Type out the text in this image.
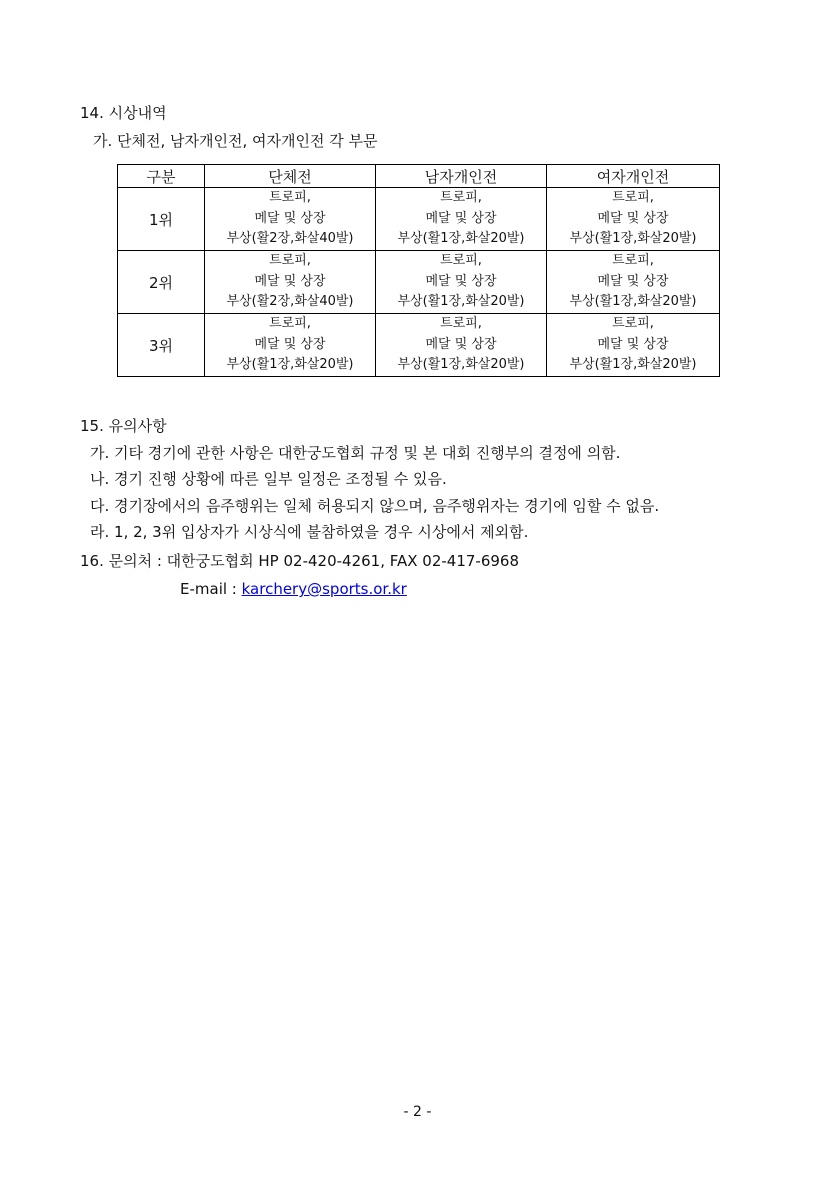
14. 시상내역
가. 단체전, 남자개인전, 여자개인전 각 부문
구분	단체전	남자개인전	여자개인전
1위	트로피,
메달 및 상장
부상(활2장,화살40발)	트로피,
메달 및 상장
부상(활1장,화살20발)	트로피,
메달 및 상장
부상(활1장,화살20발)

2위	트로피,
메달 및 상장
부상(활2장,화살40발)	트로피,
메달 및 상장
부상(활1장,화살20발)	트로피,
메달 및 상장
부상(활1장,화살20발)

3위	트로피,
메달 및 상장
부상(활1장,화살20발)	트로피,
메달 및 상장
부상(활1장,화살20발)	트로피,
메달 및 상장
부상(활1장,화살20발)
15. 유의사항
가. 기타 경기에 관한 사항은 대한궁도협회 규정 및 본 대회 진행부의 결정에 의함.
나. 경기 진행 상황에 따른 일부 일정은 조정될 수 있음.
다. 경기장에서의 음주행위는 일체 허용되지 않으며, 음주행위자는 경기에 임할 수 없음.
라. 1, 2, 3위 입상자가 시상식에 불참하였을 경우 시상에서 제외함.
16. 문의처 : 대한궁도협회 HP 02-420-4261, FAX 02-417-6968
E-mail : karchery@sports.or.kr
- 2 -
